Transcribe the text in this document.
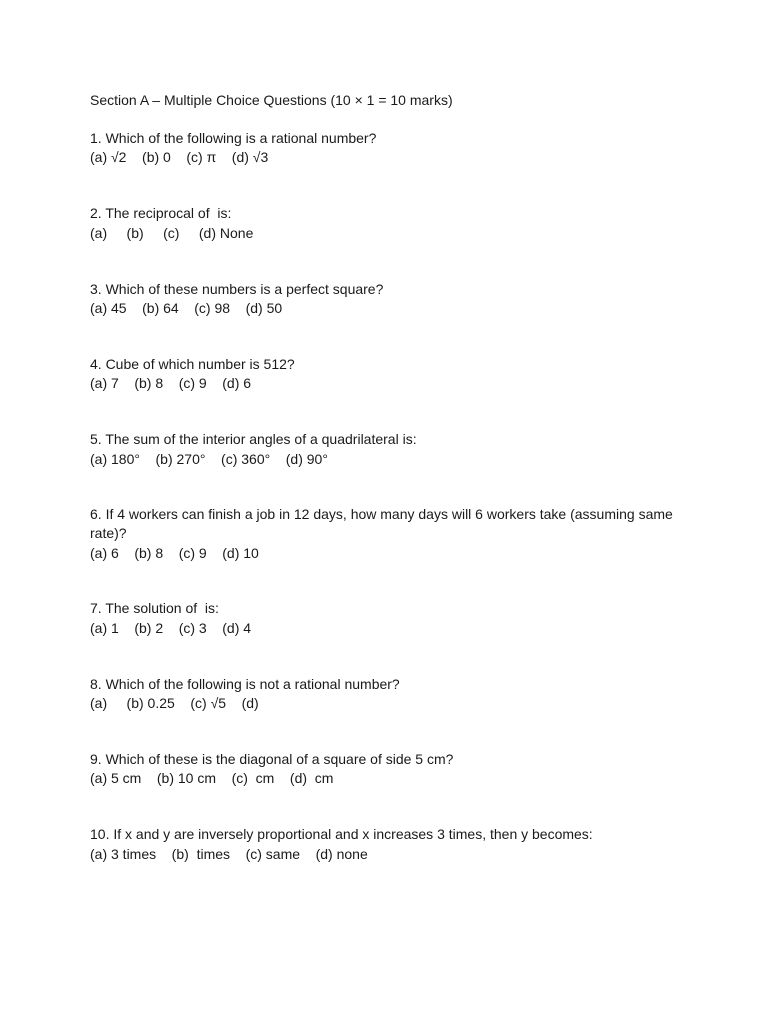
Section A – Multiple Choice Questions (10 × 1 = 10 marks)

1. Which of the following is a rational number?

(a) √2    (b) 0    (c) π    (d) √3

2. The reciprocal of  is:

(a)     (b)     (c)     (d) None

3. Which of these numbers is a perfect square?

(a) 45    (b) 64    (c) 98    (d) 50

4. Cube of which number is 512?

(a) 7    (b) 8    (c) 9    (d) 6

5. The sum of the interior angles of a quadrilateral is:

(a) 180°    (b) 270°    (c) 360°    (d) 90°

6. If 4 workers can finish a job in 12 days, how many days will 6 workers take (assuming same rate)?

(a) 6    (b) 8    (c) 9    (d) 10

7. The solution of  is:

(a) 1    (b) 2    (c) 3    (d) 4

8. Which of the following is not a rational number?

(a)     (b) 0.25    (c) √5    (d)

9. Which of these is the diagonal of a square of side 5 cm?

(a) 5 cm    (b) 10 cm    (c)  cm    (d)  cm

10. If x and y are inversely proportional and x increases 3 times, then y becomes:

(a) 3 times    (b)  times    (c) same    (d) none
